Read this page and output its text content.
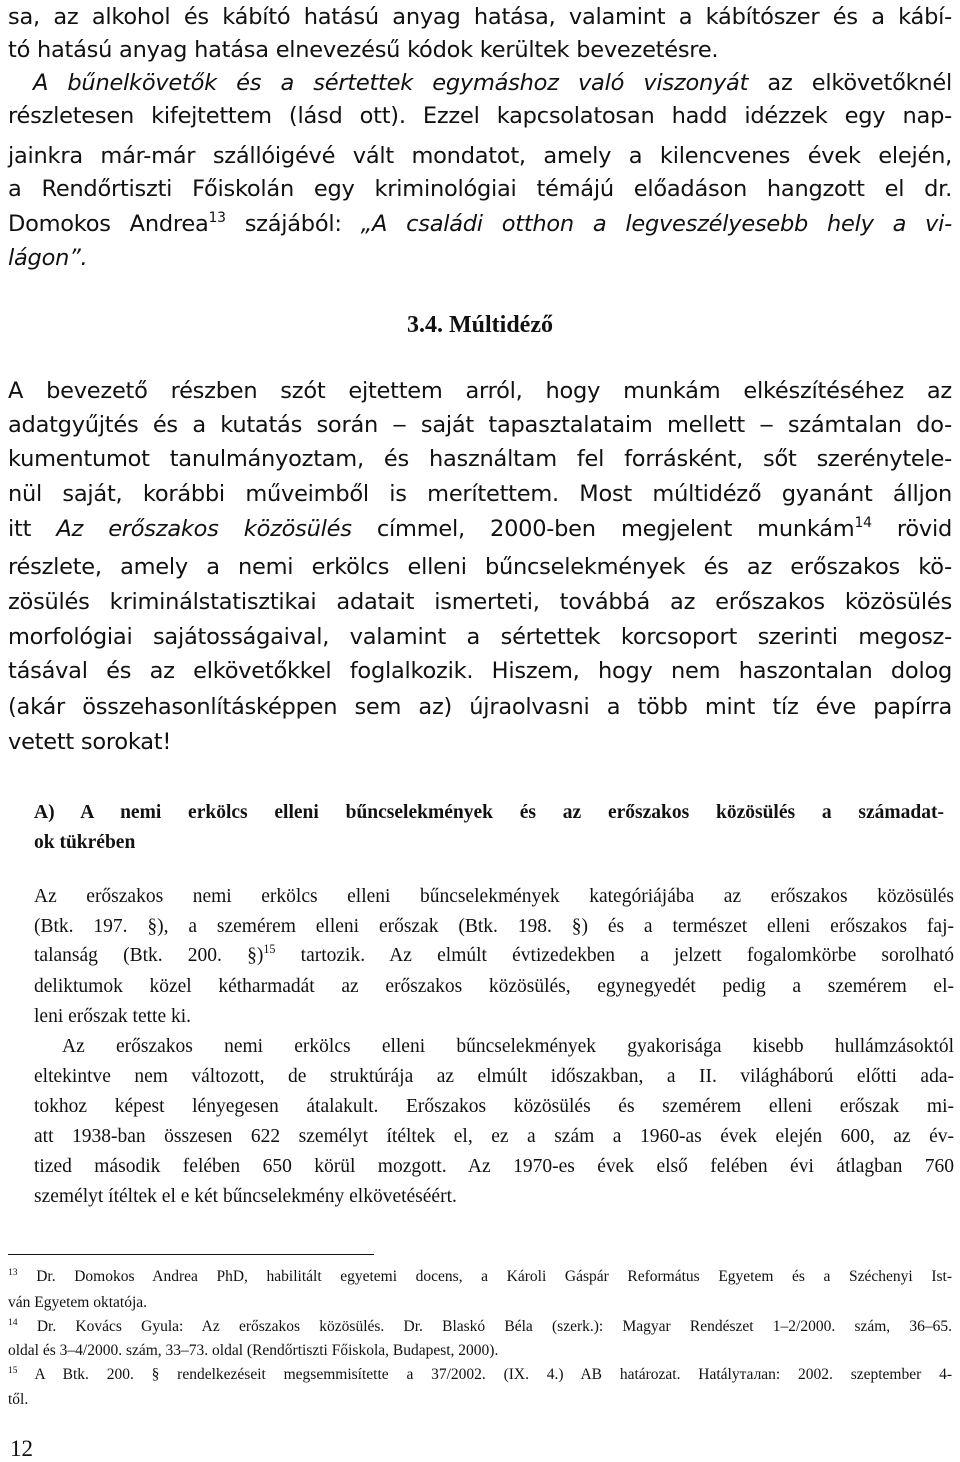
sa, az alkohol és kábító hatású anyag hatása, valamint a kábítószer és a kábí-
tó hatású anyag hatása elnevezésű kódok kerültek bevezetésre.
A bűnelkövetők és a sértettek egymáshoz való viszonyát az elkövetőknél
részletesen kifejtettem (lásd ott). Ezzel kapcsolatosan hadd idézzek egy nap-
jainkra már-már szállóigévé vált mondatot, amely a kilencvenes évek elején,
a Rendőrtiszti Főiskolán egy kriminológiai témájú előadáson hangzott el dr.
Domokos Andrea$^{13}$ szájából: „A családi otthon a legveszélyesebb hely a vi-
lágon”.
3.4. Múltidéző
A bevezető részben szót ejtettem arról, hogy munkám elkészítéséhez az
adatgyűjtés és a kutatás során ‒ saját tapasztalataim mellett ‒ számtalan do-
kumentumot tanulmányoztam, és használtam fel forrásként, sőt szerénytele-
nül saját, korábbi műveimből is merítettem. Most múltidéző gyanánt álljon
itt Az erőszakos közösülés címmel, 2000-ben megjelent munkám$^{14}$ rövid
részlete, amely a nemi erkölcs elleni bűncselekmények és az erőszakos kö-
zösülés kriminálstatisztikai adatait ismerteti, továbbá az erőszakos közösülés
morfológiai sajátosságaival, valamint a sértettek korcsoport szerinti megosz-
tásával és az elkövetőkkel foglalkozik. Hiszem, hogy nem haszontalan dolog
(akár összehasonlításképpen sem az) újraolvasni a több mint tíz éve papírra
vetett sorokat!
A) A nemi erkölcs elleni bűncselekmények és az erőszakos közösülés a számadat-
ok tükrében
Az erőszakos nemi erkölcs elleni bűncselekmények kategóriájába az erőszakos közösülés
(Btk. 197. §), a szemérem elleni erőszak (Btk. 198. §) és a természet elleni erőszakos faj-
talanság (Btk. 200. §)$^{15}$ tartozik. Az elmúlt évtizedekben a jelzett fogalomkörbe sorolható
deliktumok közel kétharmadát az erőszakos közösülés, egynegyedét pedig a szemérem el-
leni erőszak tette ki.
Az erőszakos nemi erkölcs elleni bűncselekmények gyakorisága kisebb hullámzásoktól
eltekintve nem változott, de struktúrája az elmúlt időszakban, a II. világháború előtti ada-
tokhoz képest lényegesen átalakult. Erőszakos közösülés és szemérem elleni erőszak mi-
att 1938-ban összesen 622 személyt ítéltek el, ez a szám a 1960-as évek elején 600, az év-
tized második felében 650 körül mozgott. Az 1970-es évek első felében évi átlagban 760
személyt ítéltek el e két bűncselekmény elkövetéséért.
$^{13}$ Dr. Domokos Andrea PhD, habilitált egyetemi docens, a Károli Gáspár Református Egyetem és a Széchenyi Ist-
ván Egyetem oktatója.
$^{14}$ Dr. Kovács Gyula: Az erőszakos közösülés. Dr. Blaskó Béla (szerk.): Magyar Rendészet 1–2/2000. szám, 36–65.
oldal és 3–4/2000. szám, 33–73. oldal (Rendőrtiszti Főiskola, Budapest, 2000).
$^{15}$ A Btk. 200. § rendelkezéseit megsemmisítette a 37/2002. (IX. 4.) AB határozat. Hatályталan: 2002. szeptember 4-
től.
12
